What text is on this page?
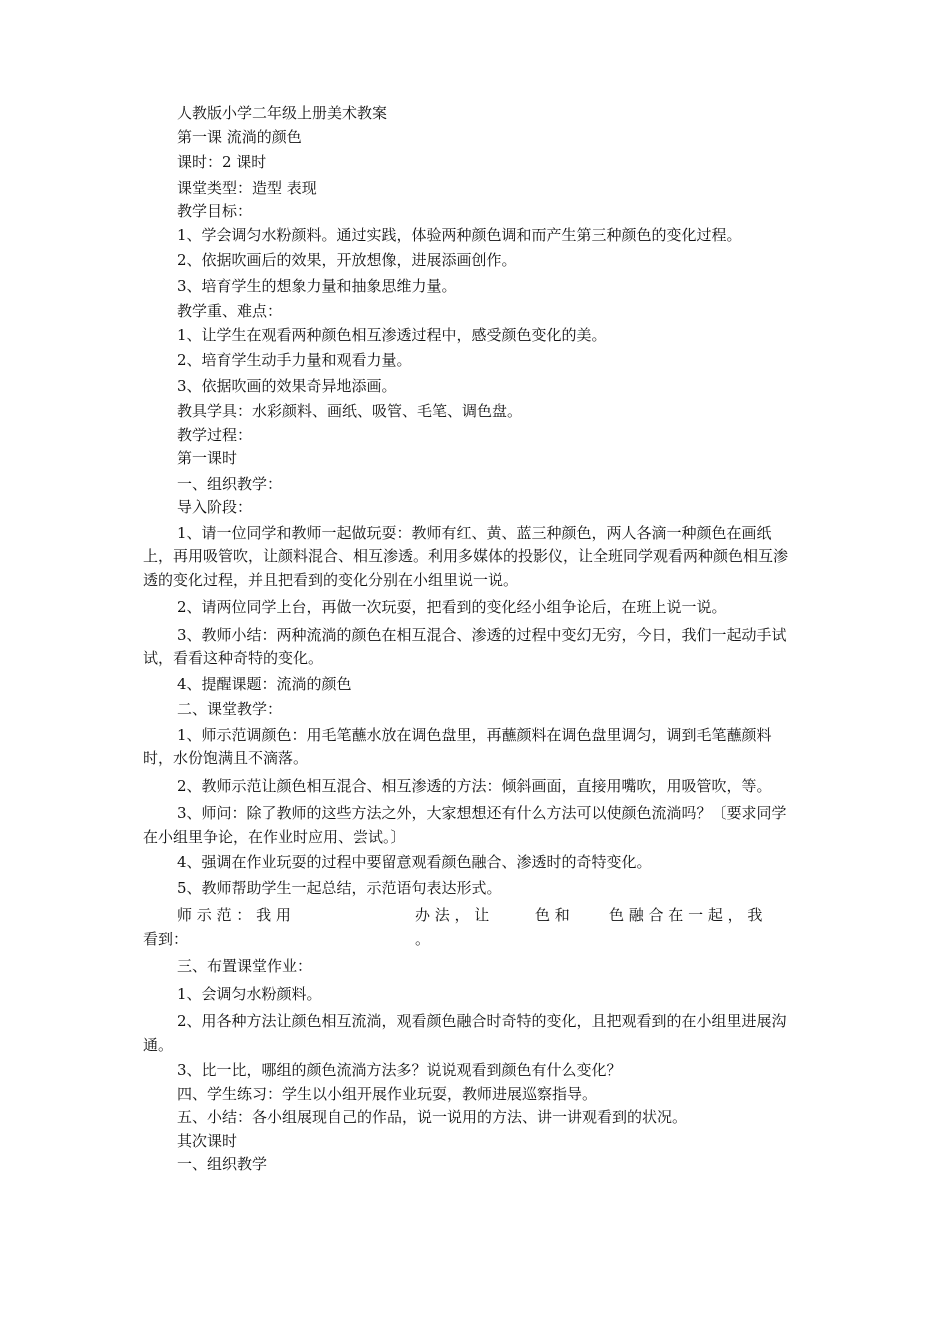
人教版小学二年级上册美术教案

第一课 流淌的颜色

课时：2 课时

课堂类型：造型 表现

教学目标：

1、学会调匀水粉颜料。通过实践，体验两种颜色调和而产生第三种颜色的变化过程。

2、依据吹画后的效果，开放想像，进展添画创作。

3、培育学生的想象力量和抽象思维力量。

教学重、难点：

1、让学生在观看两种颜色相互渗透过程中，感受颜色变化的美。

2、培育学生动手力量和观看力量。

3、依据吹画的效果奇异地添画。

教具学具：水彩颜料、画纸、吸管、毛笔、调色盘。

教学过程：

第一课时

一、组织教学：

导入阶段：

1、请一位同学和教师一起做玩耍：教师有红、黄、蓝三种颜色，两人各滴一种颜色在画纸上，再用吸管吹，让颜料混合、相互渗透。利用多媒体的投影仪，让全班同学观看两种颜色相互渗透的变化过程，并且把看到的变化分别在小组里说一说。

2、请两位同学上台，再做一次玩耍，把看到的变化经小组争论后，在班上说一说。

3、教师小结：两种流淌的颜色在相互混合、渗透的过程中变幻无穷，今日，我们一起动手试试，看看这种奇特的变化。

4、提醒课题：流淌的颜色

二、课堂教学：

1、师示范调颜色：用毛笔蘸水放在调色盘里，再蘸颜料在调色盘里调匀，调到毛笔蘸颜料时，水份饱满且不滴落。

2、教师示范让颜色相互混合、相互渗透的方法：倾斜画面，直接用嘴吹，用吸管吹，等。

3、师问：除了教师的这些方法之外，大家想想还有什么方法可以使颜色流淌吗？〔要求同学在小组里争论，在作业时应用、尝试。〕

4、强调在作业玩耍的过程中要留意观看颜色融合、渗透时的奇特变化。

5、教师帮助学生一起总结，示范语句表达形式。

师 示 范 ： 我 用	办 法 ， 让	色 和	色 融 合 在 一 起 ， 我
看到：	。

三、布置课堂作业：

1、会调匀水粉颜料。

2、用各种方法让颜色相互流淌，观看颜色融合时奇特的变化，且把观看到的在小组里进展沟通。

3、比一比，哪组的颜色流淌方法多？说说观看到颜色有什么变化？

四、学生练习：学生以小组开展作业玩耍，教师进展巡察指导。

五、小结：各小组展现自己的作品，说一说用的方法、讲一讲观看到的状况。

其次课时

一、组织教学
